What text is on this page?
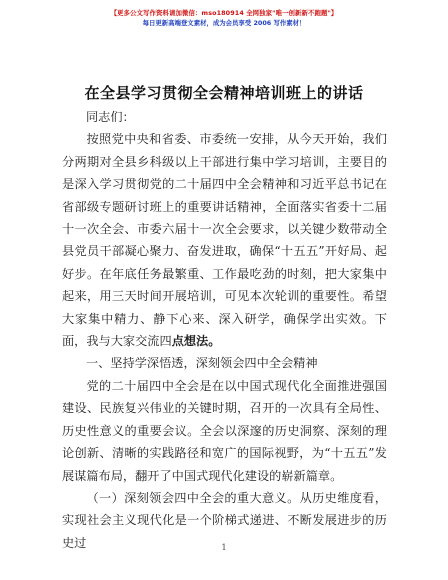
【更多公文写作资料请加微信：mso180914 全网独家"唯一创新新不跑题"】
每日更新高端登文素材，成为会员享受 2006 写作素材！
在全县学习贯彻全会精神培训班上的讲话

同志们：

按照党中央和省委、市委统一安排，从今天开始，我们分两期对全县乡科级以上干部进行集中学习培训，主要目的是深入学习贯彻党的二十届四中全会精神和习近平总书记在省部级专题研讨班上的重要讲话精神，全面落实省委十二届十一次全会、市委六届十一次全会要求，以关键少数带动全县党员干部凝心聚力、奋发进取，确保“十五五”开好局、起好步。在年底任务最繁重、工作最吃劲的时刻，把大家集中起来，用三天时间开展培训，可见本次轮训的重要性。希望大家集中精力、静下心来、深入研学，确保学出实效。下面，我与大家交流四点想法。

一、坚持学深悟透，深刻领会四中全会精神

党的二十届四中全会是在以中国式现代化全面推进强国建设、民族复兴伟业的关键时期，召开的一次具有全局性、历史性意义的重要会议。全会以深邃的历史洞察、深刻的理论创新、清晰的实践路径和宽广的国际视野，为“十五五”发展谋篇布局，翻开了中国式现代化建设的崭新篇章。

（一）深刻领会四中全会的重大意义。从历史维度看，实现社会主义现代化是一个阶梯式递进、不断发展进步的历史过	1
